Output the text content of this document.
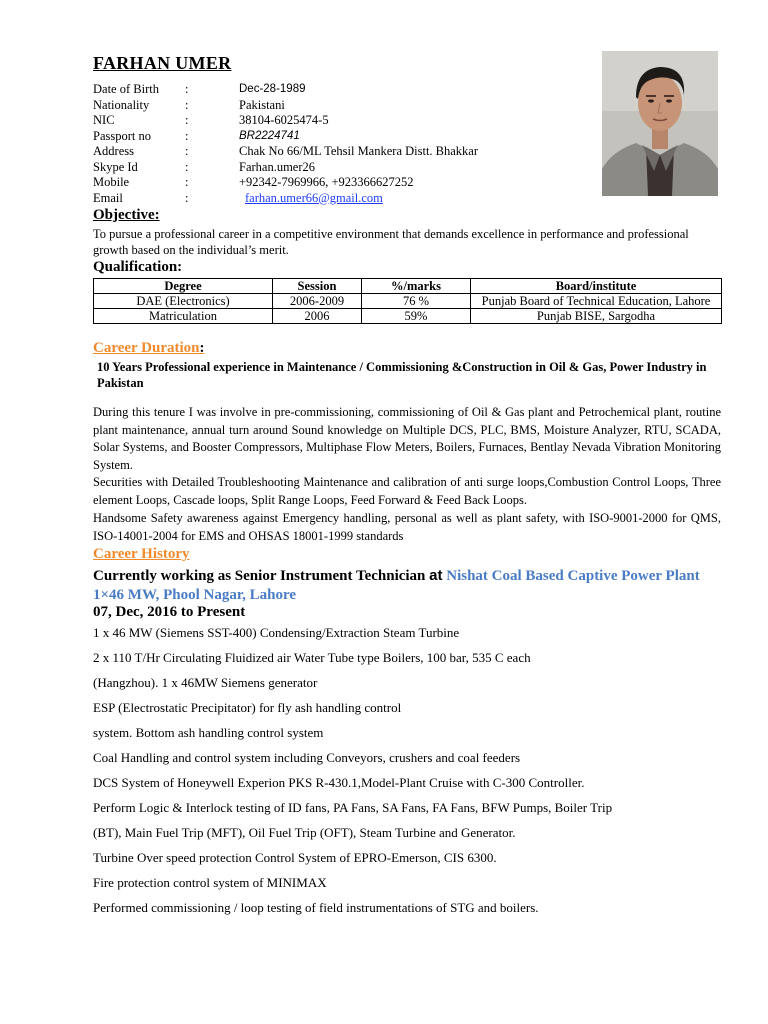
FARHAN UMER
Date of Birth :	Dec-28-1989
Nationality	:	Pakistani
NIC	:	38104-6025474-5
Passport no	:	BR2224741
Address	:	Chak No 66/ML Tehsil Mankera Distt. Bhakkar
Skype Id	:	Farhan.umer26
Mobile	:	+92342-7969966, +923366627252
Email	:	farhan.umer66@gmail.com
Objective:
To pursue a professional career in a competitive environment that demands excellence in performance and professional growth based on the individual’s merit.
Qualification:
Degree	Session	%/marks	Board/institute
DAE (Electronics)	2006-2009	76 %	Punjab Board of Technical Education, Lahore
Matriculation	2006	59%	Punjab BISE, Sargodha
Career Duration:
10 Years Professional experience in Maintenance / Commissioning &Construction in Oil & Gas, Power Industry in Pakistan
During this tenure I was involve in pre-commissioning, commissioning of Oil & Gas plant and Petrochemical plant, routine plant maintenance, annual turn around Sound knowledge on Multiple DCS, PLC, BMS, Moisture Analyzer, RTU, SCADA, Solar Systems, and Booster Compressors, Multiphase Flow Meters, Boilers, Furnaces, Bentlay Nevada Vibration Monitoring System.
Securities with Detailed Troubleshooting Maintenance and calibration of anti surge loops,Combustion Control Loops, Three element Loops, Cascade loops, Split Range Loops, Feed Forward & Feed Back Loops.
Handsome Safety awareness against Emergency handling, personal as well as plant safety, with ISO-9001-2000 for QMS, ISO-14001-2004 for EMS and OHSAS 18001-1999 standards
Career History
Currently working as Senior Instrument Technician at Nishat Coal Based Captive Power Plant 1×46 MW, Phool Nagar, Lahore
07, Dec, 2016 to Present
1 x 46 MW (Siemens SST-400) Condensing/Extraction Steam Turbine
2 x 110 T/Hr Circulating Fluidized air Water Tube type Boilers, 100 bar, 535 C each
(Hangzhou). 1 x 46MW Siemens generator
ESP (Electrostatic Precipitator) for fly ash handling control
system. Bottom ash handling control system
Coal Handling and control system including Conveyors, crushers and coal feeders
DCS System of Honeywell Experion PKS R-430.1,Model-Plant Cruise with C-300 Controller.
Perform Logic & Interlock testing of ID fans, PA Fans, SA Fans, FA Fans, BFW Pumps, Boiler Trip
(BT), Main Fuel Trip (MFT), Oil Fuel Trip (OFT), Steam Turbine and Generator.
Turbine Over speed protection Control System of EPRO-Emerson, CIS 6300.
Fire protection control system of MINIMAX
Performed commissioning / loop testing of field instrumentations of STG and boilers.
